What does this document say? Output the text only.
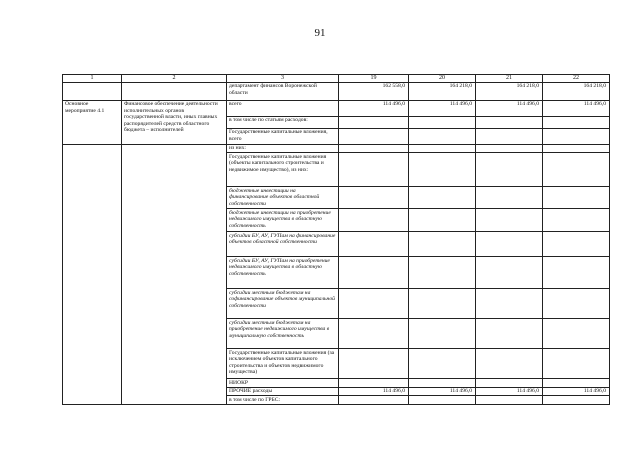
91
1	2	3	19	20	21	22
		департамент финансов Воронежской области	162 558,0	164 218,0	164 218,0	164 218,0
Основное мероприятие 4.1	Финансовое обеспечение деятельности исполнительных органов государственной власти, иных главных распорядителей средств областного бюджета – исполнителей	всего	114 496,0	114 496,0	114 496,0	114 496,0
		в том числе по статьям расходов:				
		Государственные капитальные вложения, всего				
		из них:				
		Государственные капитальные вложения (объекты капитального строительства и недвижимое имущество), из них:				
		бюджетные инвестиции на финансирование объектов областной собственности				
		бюджетные инвестиции на приобретение недвижимого имущества в областную собственность				
		субсидии БУ, АУ, ГУПам на финансирование объектов областной собственности				
		субсидии БУ, АУ, ГУПам на приобретение недвижимого имущества в областную собственность				
		субсидии местным бюджетам на софинансирование объектов муниципальной собственности				
		субсидии местным бюджетам на приобретение недвижимого имущества в муниципальную собственность				
		Государственные капитальные вложения (за исключением объектов капитального строительства и объектов недвижимого имущества)				
		НИОКР				
		ПРОЧИЕ расходы	114 496,0	114 496,0	114 496,0	114 496,0
		в том числе по ГРБС:				
